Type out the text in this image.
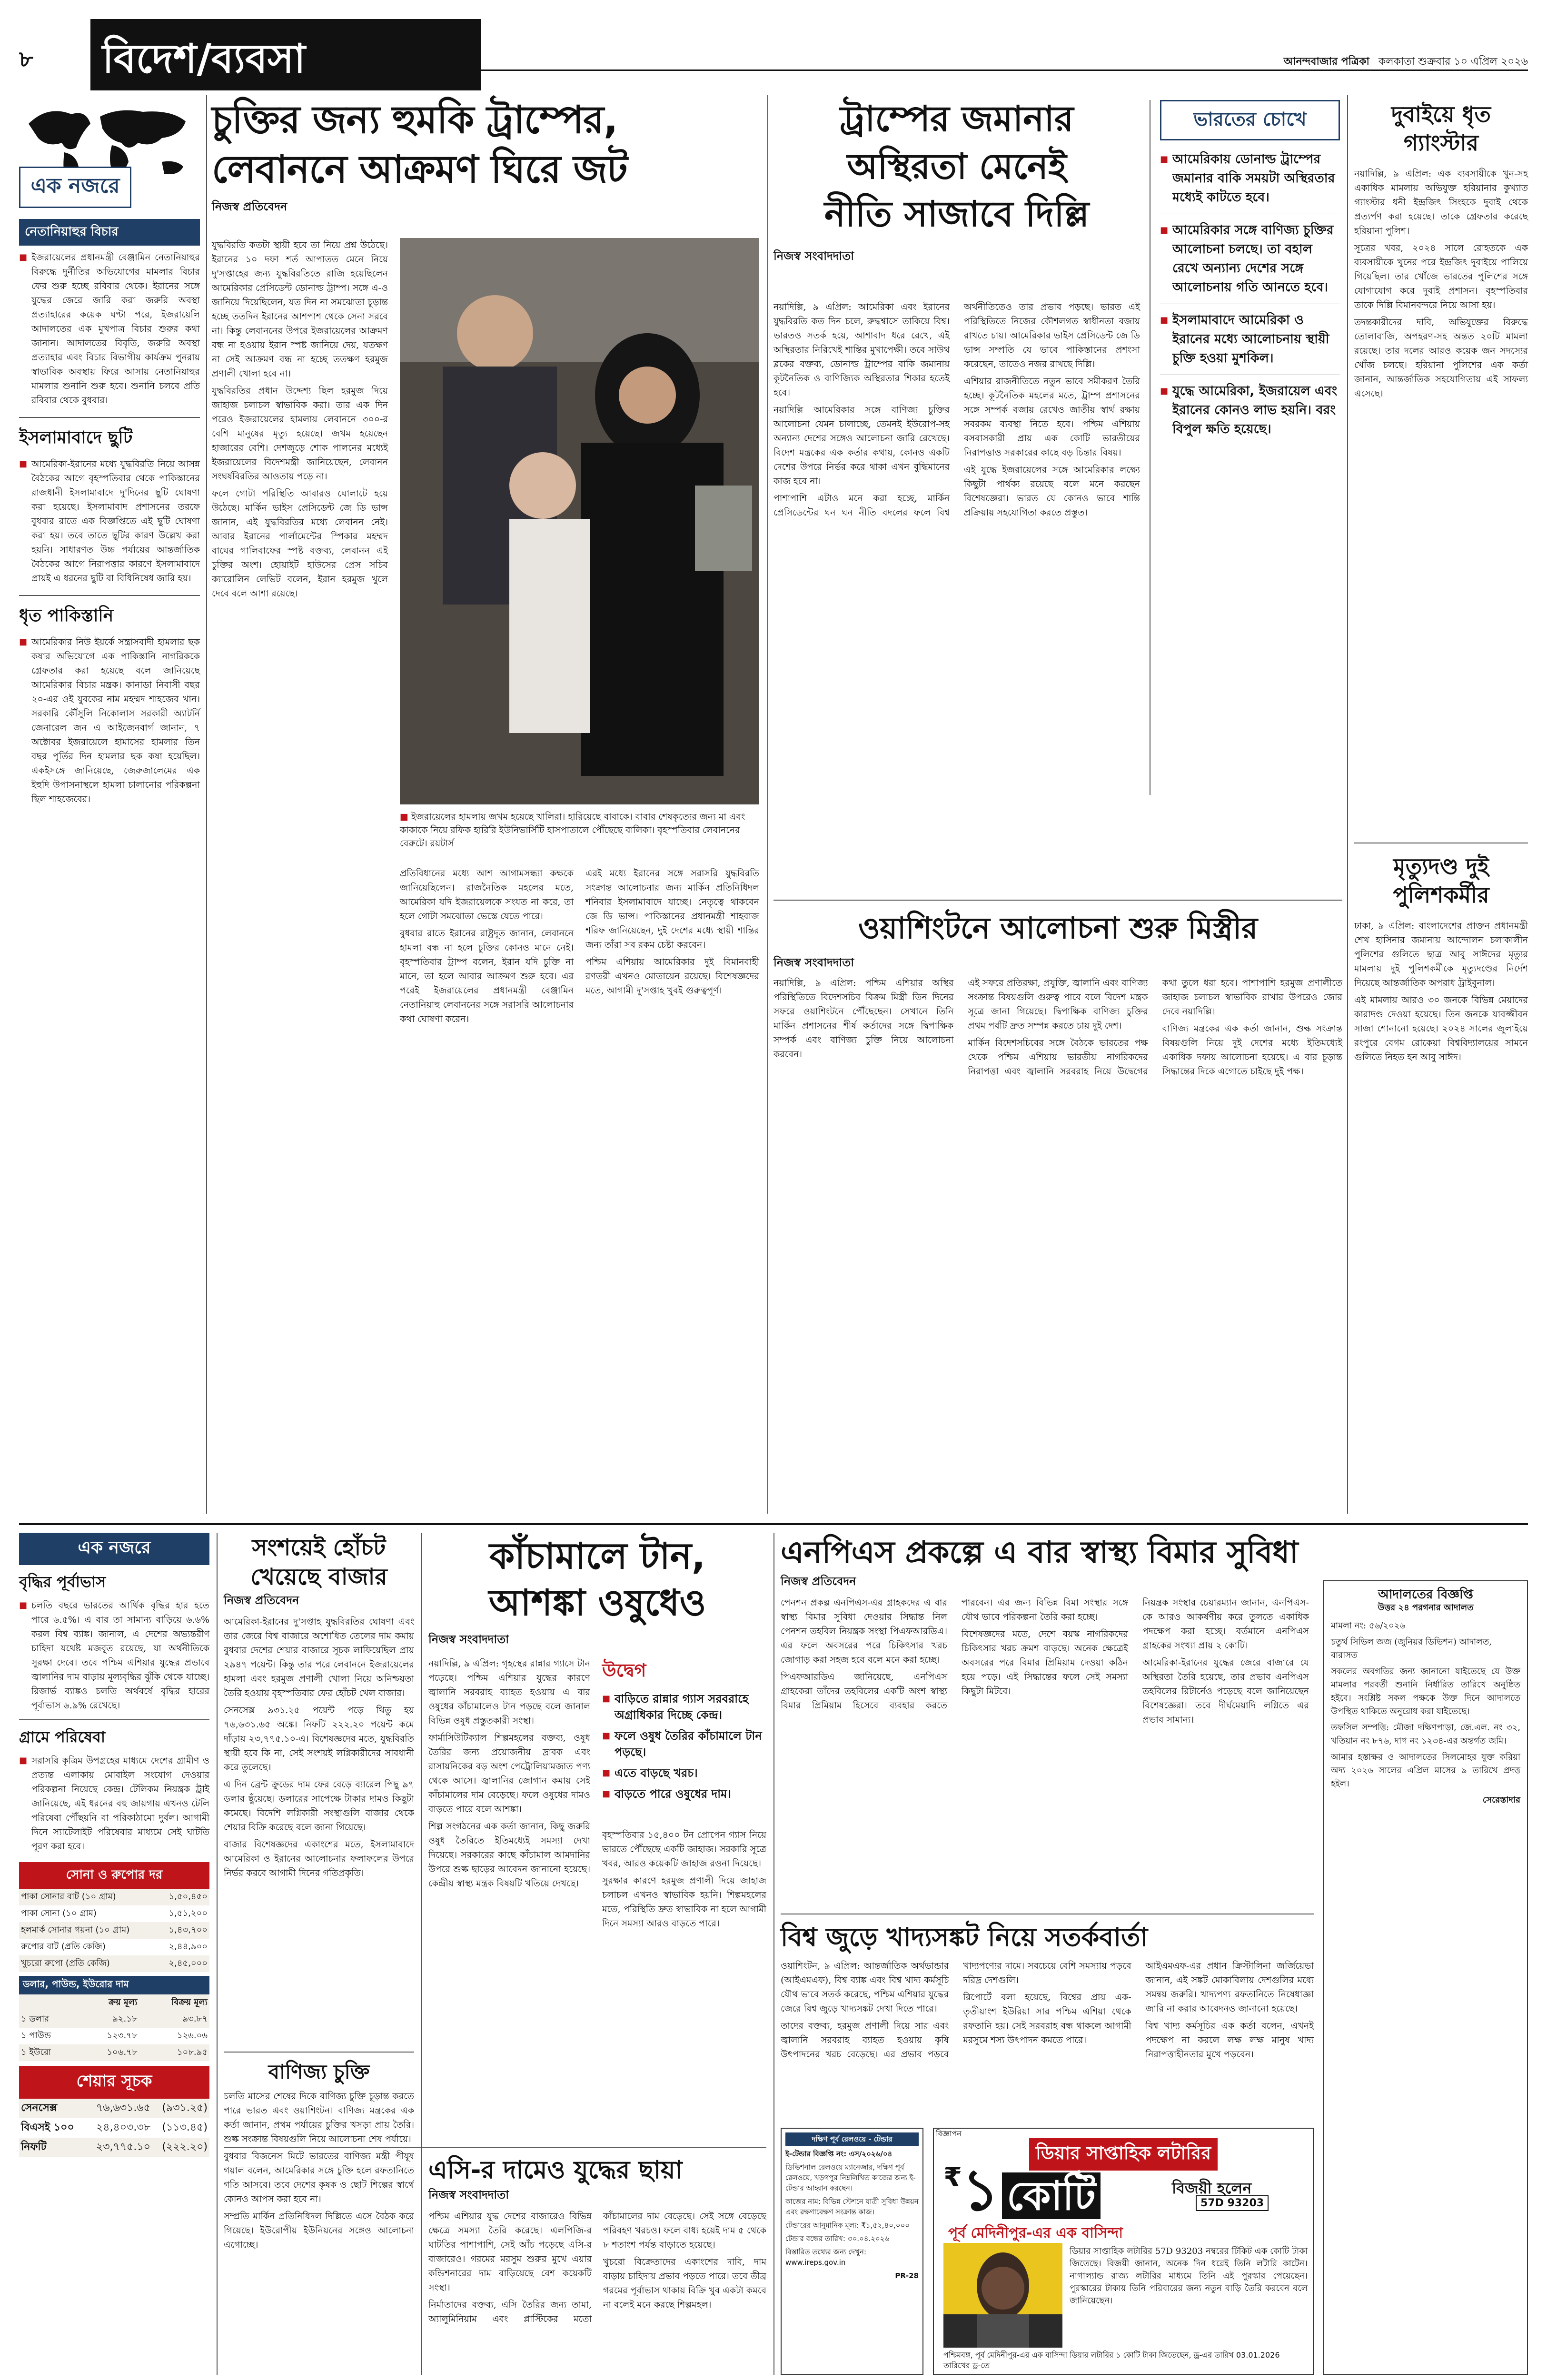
৮ বিদেশ/ব্যবসা	আনন্দবাজার পত্রিকা কলকাতা শুক্রবার ১০ এপ্রিল ২০২৬
এক নজরে
নেতানিয়াহুর বিচার
■ ইজরায়েলের প্রধানমন্ত্রী বেঞ্জামিন নেতানিয়াহুর বিরুদ্ধে দুর্নীতির অভিযোগের মামলার বিচার ফের শুরু হচ্ছে রবিবার থেকে। ইরানের সঙ্গে যুদ্ধের জেরে জারি করা জরুরি অবস্থা প্রত্যাহারের কয়েক ঘণ্টা পরে, ইজরায়েলি আদালতের এক মুখপাত্র বিচার শুরুর কথা জানান। আদালতের বিবৃতি, জরুরি অবস্থা প্রত্যাহার এবং বিচার বিভাগীয় কার্যক্রম পুনরায় স্বাভাবিক অবস্থায় ফিরে আসায় নেতানিয়াহুর মামলার শুনানি শুরু হবে। শুনানি চলবে প্রতি রবিবার থেকে বুধবার।
ইসলামাবাদে ছুটি
■ আমেরিকা-ইরানের মধ্যে যুদ্ধবিরতি নিয়ে আসন্ন বৈঠকের আগে বৃহস্পতিবার থেকে পাকিস্তানের রাজধানী ইসলামাবাদে দু'দিনের ছুটি ঘোষণা করা হয়েছে। ইসলামাবাদ প্রশাসনের তরফে বুধবার রাতে এক বিজ্ঞপ্তিতে এই ছুটি ঘোষণা করা হয়। তবে তাতে ছুটির কারণ উল্লেখ করা হয়নি। সাধারণত উচ্চ পর্যায়ের আন্তর্জাতিক বৈঠকের আগে নিরাপত্তার কারণে ইসলামাবাদে প্রায়ই এ ধরনের ছুটি বা বিধিনিষেধ জারি হয়।
ধৃত পাকিস্তানি
■ আমেরিকার নিউ ইয়র্কে সন্ত্রাসবাদী হামলার ছক কষার অভিযোগে এক পাকিস্তানি নাগরিককে গ্রেফতার করা হয়েছে বলে জানিয়েছে আমেরিকার বিচার মন্ত্রক। কানাডা নিবাসী বছর ২০-এর ওই যুবকের নাম মহম্মদ শাহজেব খান। সরকারি কৌঁসুলি নিকোলাস সরকারী অ্যাটর্নি জেনারেল জন এ আইজেনবার্গ জানান, ৭ অক্টোবর ইজরায়েলে হামাসের হামলার তিন বছর পূর্তির দিন হামলার ছক কষা হয়েছিল। একইসঙ্গে জানিয়েছে, জেরুজালেমের এক ইহুদি উপাসনাস্থলে হামলা চালানোর পরিকল্পনা ছিল শাহজেবের।
চুক্তির জন্য হুমকি ট্রাম্পের,
লেবাননে আক্রমণ ঘিরে জট
নিজস্ব প্রতিবেদন

যুদ্ধবিরতি কতটা স্থায়ী হবে তা নিয়ে প্রশ্ন উঠেছে। ইরানের ১০ দফা শর্ত আপাতত মেনে নিয়ে দু'সপ্তাহের জন্য যুদ্ধবিরতিতে রাজি হয়েছিলেন আমেরিকার প্রেসিডেন্ট ডোনাল্ড ট্রাম্প। সঙ্গে এ-ও জানিয়ে দিয়েছিলেন, যত দিন না সমঝোতা চূড়ান্ত হচ্ছে ততদিন ইরানের আশপাশ থেকে সেনা সরবে না। কিন্তু লেবাননের উপরে ইজরায়েলের আক্রমণ বন্ধ না হওয়ায় ইরান স্পষ্ট জানিয়ে দেয়, যতক্ষণ না সেই আক্রমণ বন্ধ না হচ্ছে ততক্ষণ হরমুজ প্রণালী খোলা হবে না।

যুদ্ধবিরতির প্রধান উদ্দেশ্য ছিল হরমুজ দিয়ে জাহাজ চলাচল স্বাভাবিক করা। তার এক দিন পরেও ইজরায়েলের হামলায় লেবাননে ৩০০-র বেশি মানুষের মৃত্যু হয়েছে। জখম হয়েছেন হাজারের বেশি। দেশজুড়ে শোক পালনের মধ্যেই ইজরায়েলের বিদেশমন্ত্রী জানিয়েছেন, লেবানন সংঘর্ষবিরতির আওতায় পড়ে না।

ফলে গোটা পরিস্থিতি আবারও ঘোলাটে হয়ে উঠেছে। মার্কিন ভাইস প্রেসিডেন্ট জে ডি ভান্স জানান, এই যুদ্ধবিরতির মধ্যে লেবানন নেই। আবার ইরানের পার্লামেন্টের স্পিকার মহম্মদ বাঘের গালিবাফের স্পষ্ট বক্তব্য, লেবানন এই চুক্তির অংশ। হোয়াইট হাউসের প্রেস সচিব ক্যারোলিন লেভিট বলেন, ইরান হরমুজ খুলে দেবে বলে আশা রয়েছে।

■ ইজরায়েলের হামলায় জখম হয়েছে খালিরা। হারিয়েছে বাবাকে। বাবার শেষকৃত্যের জন্য মা এবং কাকাকে নিয়ে রফিক হারিরি ইউনিভার্সিটি হাসপাতালে পৌঁছেছে বালিকা। বৃহস্পতিবার লেবাননের বেরুটে। রয়টার্স

প্রতিবিধানের মধ্যে আশ আগামসন্ধ্যা কক্ষকে জানিয়েছিলেন। রাজনৈতিক মহলের মতে, আমেরিকা যদি ইজরায়েলকে সংযত না করে, তা হলে গোটা সমঝোতা ভেস্তে যেতে পারে।

বুধবার রাতে ইরানের রাষ্ট্রদূত জানান, লেবাননে হামলা বন্ধ না হলে চুক্তির কোনও মানে নেই। বৃহস্পতিবার ট্রাম্প বলেন, ইরান যদি চুক্তি না মানে, তা হলে আবার আক্রমণ শুরু হবে। এর পরেই ইজরায়েলের প্রধানমন্ত্রী বেঞ্জামিন নেতানিয়াহু লেবাননের সঙ্গে সরাসরি আলোচনার কথা ঘোষণা করেন।

এরই মধ্যে ইরানের সঙ্গে সরাসরি যুদ্ধবিরতি সংক্রান্ত আলোচনার জন্য মার্কিন প্রতিনিধিদল শনিবার ইসলামাবাদে যাচ্ছে। নেতৃত্বে থাকবেন জে ডি ভান্স। পাকিস্তানের প্রধানমন্ত্রী শাহবাজ শরিফ জানিয়েছেন, দুই দেশের মধ্যে স্থায়ী শান্তির জন্য তাঁরা সব রকম চেষ্টা করবেন।

পশ্চিম এশিয়ায় আমেরিকার দুই বিমানবাহী রণতরী এখনও মোতায়েন রয়েছে। বিশেষজ্ঞদের মতে, আগামী দু'সপ্তাহ খুবই গুরুত্বপূর্ণ।

ট্রাম্পের জমানার
অস্থিরতা মেনেই
নীতি সাজাবে দিল্লি
নিজস্ব সংবাদদাতা

নয়াদিল্লি, ৯ এপ্রিল: আমেরিকা এবং ইরানের যুদ্ধবিরতি কত দিন চলে, রুদ্ধশ্বাসে তাকিয়ে বিশ্ব। ভারতও সতর্ক হয়ে, আশাবাদ ধরে রেখে, এই অস্থিরতার নিরিখেই শান্তির মুখাপেক্ষী। তবে সাউথ ব্লকের বক্তব্য, ডোনাল্ড ট্রাম্পের বাকি জমানায় কূটনৈতিক ও বাণিজ্যিক অস্থিরতার শিকার হতেই হবে।

নয়াদিল্লি আমেরিকার সঙ্গে বাণিজ্য চুক্তির আলোচনা যেমন চালাচ্ছে, তেমনই ইউরোপ-সহ অন্যান্য দেশের সঙ্গেও আলোচনা জারি রেখেছে। বিদেশ মন্ত্রকের এক কর্তার কথায়, কোনও একটি দেশের উপরে নির্ভর করে থাকা এখন বুদ্ধিমানের কাজ হবে না।

পাশাপাশি এটাও মনে করা হচ্ছে, মার্কিন প্রেসিডেন্টের ঘন ঘন নীতি বদলের ফলে বিশ্ব অর্থনীতিতেও তার প্রভাব পড়ছে। ভারত এই পরিস্থিতিতে নিজের কৌশলগত স্বাধীনতা বজায় রাখতে চায়। আমেরিকার ভাইস প্রেসিডেন্ট জে ডি ভান্স সম্প্রতি যে ভাবে পাকিস্তানের প্রশংসা করেছেন, তাতেও নজর রাখছে দিল্লি।

এশিয়ার রাজনীতিতে নতুন ভাবে সমীকরণ তৈরি হচ্ছে। কূটনৈতিক মহলের মতে, ট্রাম্প প্রশাসনের সঙ্গে সম্পর্ক বজায় রেখেও জাতীয় স্বার্থ রক্ষায় সবরকম ব্যবস্থা নিতে হবে। পশ্চিম এশিয়ায় বসবাসকারী প্রায় এক কোটি ভারতীয়ের নিরাপত্তাও সরকারের কাছে বড় চিন্তার বিষয়।

এই যুদ্ধে ইজরায়েলের সঙ্গে আমেরিকার লক্ষ্যে কিছুটা পার্থক্য রয়েছে বলে মনে করছেন বিশেষজ্ঞেরা। ভারত যে কোনও ভাবে শান্তি প্রক্রিয়ায় সহযোগিতা করতে প্রস্তুত।

ভারতের চোখে
■ আমেরিকায় ডোনাল্ড ট্রাম্পের জমানার বাকি সময়টা অস্থিরতার মধ্যেই কাটতে হবে।
■ আমেরিকার সঙ্গে বাণিজ্য চুক্তির আলোচনা চলছে। তা বহাল রেখে অন্যান্য দেশের সঙ্গে আলোচনায় গতি আনতে হবে।
■ ইসলামাবাদে আমেরিকা ও ইরানের মধ্যে আলোচনায় স্থায়ী চুক্তি হওয়া মুশকিল।
■ যুদ্ধে আমেরিকা, ইজরায়েল এবং ইরানের কোনও লাভ হয়নি। বরং বিপুল ক্ষতি হয়েছে।
দুবাইয়ে ধৃত
গ্যাংস্টার

নয়াদিল্লি, ৯ এপ্রিল: এক ব্যবসায়ীকে খুন-সহ একাধিক মামলায় অভিযুক্ত হরিয়ানার কুখ্যাত গ্যাংস্টার ধনী ইন্দ্রজিৎ সিংহকে দুবাই থেকে প্রত্যর্পণ করা হয়েছে। তাকে গ্রেফতার করেছে হরিয়ানা পুলিশ।

সূত্রের খবর, ২০২৪ সালে রোহতকে এক ব্যবসায়ীকে খুনের পরে ইন্দ্রজিৎ দুবাইয়ে পালিয়ে গিয়েছিল। তার খোঁজে ভারতের পুলিশের সঙ্গে যোগাযোগ করে দুবাই প্রশাসন। বৃহস্পতিবার তাকে দিল্লি বিমানবন্দরে নিয়ে আসা হয়।

তদন্তকারীদের দাবি, অভিযুক্তের বিরুদ্ধে তোলাবাজি, অপহরণ-সহ অন্তত ২০টি মামলা রয়েছে। তার দলের আরও কয়েক জন সদস্যের খোঁজ চলছে। হরিয়ানা পুলিশের এক কর্তা জানান, আন্তর্জাতিক সহযোগিতায় এই সাফল্য এসেছে।

মৃত্যুদণ্ড দুই
পুলিশকর্মীর

ঢাকা, ৯ এপ্রিল: বাংলাদেশের প্রাক্তন প্রধানমন্ত্রী শেখ হাসিনার জমানায় আন্দোলন চলাকালীন পুলিশের গুলিতে ছাত্র আবু সাঈদের মৃত্যুর মামলায় দুই পুলিশকর্মীকে মৃত্যুদণ্ডের নির্দেশ দিয়েছে আন্তর্জাতিক অপরাধ ট্রাইবুনাল।

এই মামলায় আরও ৩০ জনকে বিভিন্ন মেয়াদের কারাদণ্ড দেওয়া হয়েছে। তিন জনকে যাবজ্জীবন সাজা শোনানো হয়েছে। ২০২৪ সালের জুলাইয়ে রংপুরে বেগম রোকেয়া বিশ্ববিদ্যালয়ের সামনে গুলিতে নিহত হন আবু সাঈদ।

ওয়াশিংটনে আলোচনা শুরু মিস্ত্রীর
নিজস্ব সংবাদদাতা

নয়াদিল্লি, ৯ এপ্রিল: পশ্চিম এশিয়ার অস্থির পরিস্থিতিতে বিদেশসচিব বিক্রম মিস্ত্রী তিন দিনের সফরে ওয়াশিংটনে পৌঁছেছেন। সেখানে তিনি মার্কিন প্রশাসনের শীর্ষ কর্তাদের সঙ্গে দ্বিপাক্ষিক সম্পর্ক এবং বাণিজ্য চুক্তি নিয়ে আলোচনা করবেন।

এই সফরে প্রতিরক্ষা, প্রযুক্তি, জ্বালানি এবং বাণিজ্য সংক্রান্ত বিষয়গুলি গুরুত্ব পাবে বলে বিদেশ মন্ত্রক সূত্রে জানা গিয়েছে। দ্বিপাক্ষিক বাণিজ্য চুক্তির প্রথম পর্বটি দ্রুত সম্পন্ন করতে চায় দুই দেশ।

মার্কিন বিদেশসচিবের সঙ্গে বৈঠকে ভারতের পক্ষ থেকে পশ্চিম এশিয়ায় ভারতীয় নাগরিকদের নিরাপত্তা এবং জ্বালানি সরবরাহ নিয়ে উদ্বেগের কথা তুলে ধরা হবে। পাশাপাশি হরমুজ প্রণালীতে জাহাজ চলাচল স্বাভাবিক রাখার উপরেও জোর দেবে নয়াদিল্লি।

বাণিজ্য মন্ত্রকের এক কর্তা জানান, শুল্ক সংক্রান্ত বিষয়গুলি নিয়ে দুই দেশের মধ্যে ইতিমধ্যেই একাধিক দফায় আলোচনা হয়েছে। এ বার চূড়ান্ত সিদ্ধান্তের দিকে এগোতে চাইছে দুই পক্ষ।

এক নজরে
বৃদ্ধির পূর্বাভাস
■ চলতি বছরে ভারতের আর্থিক বৃদ্ধির হার হতে পারে ৬.৫%। এ বার তা সামান্য বাড়িয়ে ৬.৬% করল বিশ্ব ব্যাঙ্ক। জানাল, এ দেশের অভ্যন্তরীণ চাহিদা যথেষ্ট মজবুত রয়েছে, যা অর্থনীতিকে সুরক্ষা দেবে। তবে পশ্চিম এশিয়ার যুদ্ধের প্রভাবে জ্বালানির দাম বাড়ায় মূল্যবৃদ্ধির ঝুঁকি থেকে যাচ্ছে। রিজার্ভ ব্যাঙ্কও চলতি অর্থবর্ষে বৃদ্ধির হারের পূর্বাভাস ৬.৯% রেখেছে।
গ্রামে পরিষেবা
■ সরাসরি কৃত্রিম উপগ্রহের মাধ্যমে দেশের গ্রামীণ ও প্রত্যন্ত এলাকায় মোবাইল সংযোগ দেওয়ার পরিকল্পনা নিয়েছে কেন্দ্র। টেলিকম নিয়ন্ত্রক ট্রাই জানিয়েছে, এই ধরনের বহু জায়গায় এখনও টেলি পরিষেবা পৌঁছয়নি বা পরিকাঠামো দুর্বল। আগামী দিনে স্যাটেলাইট পরিষেবার মাধ্যমে সেই ঘাটতি পূরণ করা হবে।
সোনা ও রুপোর দর
পাকা সোনার বাট (১০ গ্রাম)	১,৫০,৪৫০
পাকা সোনা (১০ গ্রাম)	১,৫১,২০০
হলমার্ক সোনার গয়না (১০ গ্রাম)	১,৪৩,৭০০
রুপোর বাট (প্রতি কেজি)	২,৪৪,৯০০
খুচরো রুপো (প্রতি কেজি)	২,৪৫,০০০
ডলার, পাউন্ড, ইউরোর দাম
	ক্রয় মূল্য	বিক্রয় মূল্য
১ ডলার	৯২.১৮	৯৩.৮৭
১ পাউন্ড	১২৩.৭৮	১২৬.০৬
১ ইউরো	১০৬.৭৮	১০৮.৯৫
শেয়ার সূচক
সেনসেক্স	৭৬,৬৩১.৬৫	(৯৩১.২৫)
বিএসই ১০০	২৪,৪০৩.৩৮	(১১৩.৪৫)
নিফটি	২৩,৭৭৫.১০	(২২২.২০)
সংশয়েই হোঁচট
খেয়েছে বাজার
নিজস্ব প্রতিবেদন

আমেরিকা-ইরানের দু'সপ্তাহ যুদ্ধবিরতির ঘোষণা এবং তার জেরে বিশ্ব বাজারে অশোধিত তেলের দাম কমায় বুধবার দেশের শেয়ার বাজারে সূচক লাফিয়েছিল প্রায় ২৯৪৭ পয়েন্ট। কিন্তু তার পরে লেবাননে ইজরায়েলের হামলা এবং হরমুজ প্রণালী খোলা নিয়ে অনিশ্চয়তা তৈরি হওয়ায় বৃহস্পতিবার ফের হোঁচট খেল বাজার।

সেনসেক্স ৯৩১.২৫ পয়েন্ট পড়ে থিতু হয় ৭৬,৬৩১.৬৫ অঙ্কে। নিফটি ২২২.২০ পয়েন্ট কমে দাঁড়ায় ২৩,৭৭৫.১০-এ। বিশেষজ্ঞদের মতে, যুদ্ধবিরতি স্থায়ী হবে কি না, সেই সংশয়ই লগ্নিকারীদের সাবধানী করে তুলেছে।

এ দিন ব্রেন্ট ক্রুডের দাম ফের বেড়ে ব্যারেল পিছু ৯৭ ডলার ছুঁয়েছে। ডলারের সাপেক্ষে টাকার দামও কিছুটা কমেছে। বিদেশি লগ্নিকারী সংস্থাগুলি বাজার থেকে শেয়ার বিক্রি করেছে বলে জানা গিয়েছে।

বাজার বিশেষজ্ঞদের একাংশের মতে, ইসলামাবাদে আমেরিকা ও ইরানের আলোচনার ফলাফলের উপরে নির্ভর করবে আগামী দিনের গতিপ্রকৃতি।

বাণিজ্য চুক্তি

চলতি মাসের শেষের দিকে বাণিজ্য চুক্তি চূড়ান্ত করতে পারে ভারত এবং ওয়াশিংটন। বাণিজ্য মন্ত্রকের এক কর্তা জানান, প্রথম পর্যায়ের চুক্তির খসড়া প্রায় তৈরি। শুল্ক সংক্রান্ত বিষয়গুলি নিয়ে আলোচনা শেষ পর্যায়ে।

বুধবার বিজনেস মিটে ভারতের বাণিজ্য মন্ত্রী পীযূষ গয়াল বলেন, আমেরিকার সঙ্গে চুক্তি হলে রফতানিতে গতি আসবে। তবে দেশের কৃষক ও ছোট শিল্পের স্বার্থে কোনও আপস করা হবে না।

সম্প্রতি মার্কিন প্রতিনিধিদল দিল্লিতে এসে বৈঠক করে গিয়েছে। ইউরোপীয় ইউনিয়নের সঙ্গেও আলোচনা এগোচ্ছে।

কাঁচামালে টান,
আশঙ্কা ওষুধেও
নিজস্ব সংবাদদাতা

নয়াদিল্লি, ৯ এপ্রিল: গৃহস্থের রান্নার গ্যাসে টান পড়েছে। পশ্চিম এশিয়ার যুদ্ধের কারণে জ্বালানি সরবরাহ ব্যাহত হওয়ায় এ বার ওষুধের কাঁচামালেও টান পড়ছে বলে জানাল বিভিন্ন ওষুধ প্রস্তুতকারী সংস্থা।

ফার্মাসিউটিক্যাল শিল্পমহলের বক্তব্য, ওষুধ তৈরির জন্য প্রয়োজনীয় দ্রাবক এবং রাসায়নিকের বড় অংশ পেট্রোলিয়ামজাত পণ্য থেকে আসে। জ্বালানির জোগান কমায় সেই কাঁচামালের দাম বেড়েছে। ফলে ওষুধের দামও বাড়তে পারে বলে আশঙ্কা।

শিল্প সংগঠনের এক কর্তা জানান, কিছু জরুরি ওষুধ তৈরিতে ইতিমধ্যেই সমস্যা দেখা দিয়েছে। সরকারের কাছে কাঁচামাল আমদানির উপরে শুল্ক ছাড়ের আবেদন জানানো হয়েছে। কেন্দ্রীয় স্বাস্থ্য মন্ত্রক বিষয়টি খতিয়ে দেখছে।

উদ্বেগ
■ বাড়িতে রান্নার গ্যাস সরবরাহে অগ্রাধিকার দিচ্ছে কেন্দ্র।
■ ফলে ওষুধ তৈরির কাঁচামালে টান পড়ছে।
■ এতে বাড়ছে খরচ।
■ বাড়তে পারে ওষুধের দাম।

বৃহস্পতিবার ১৫,৪০০ টন প্রোপেন গ্যাস নিয়ে ভারতে পৌঁছেছে একটি জাহাজ। সরকারি সূত্রে খবর, আরও কয়েকটি জাহাজ রওনা দিয়েছে।

সুরক্ষার কারণে হরমুজ প্রণালী দিয়ে জাহাজ চলাচল এখনও স্বাভাবিক হয়নি। শিল্পমহলের মতে, পরিস্থিতি দ্রুত স্বাভাবিক না হলে আগামী দিনে সমস্যা আরও বাড়তে পারে।

এসি-র দামেও যুদ্ধের ছায়া
নিজস্ব সংবাদদাতা

পশ্চিম এশিয়ার যুদ্ধ দেশের বাজারেও বিভিন্ন ক্ষেত্রে সমস্যা তৈরি করেছে। এলপিজি-র ঘাটতির পাশাপাশি, সেই আঁচ পড়েছে এসি-র বাজারেও। গরমের মরসুম শুরুর মুখে এয়ার কন্ডিশনারের দাম বাড়িয়েছে বেশ কয়েকটি সংস্থা।

নির্মাতাদের বক্তব্য, এসি তৈরির জন্য তামা, অ্যালুমিনিয়াম এবং প্লাস্টিকের মতো কাঁচামালের দাম বেড়েছে। সেই সঙ্গে বেড়েছে পরিবহণ খরচও। ফলে বাধ্য হয়েই দাম ৫ থেকে ৮ শতাংশ পর্যন্ত বাড়াতে হয়েছে।

খুচরো বিক্রেতাদের একাংশের দাবি, দাম বাড়ায় চাহিদায় প্রভাব পড়তে পারে। তবে তীব্র গরমের পূর্বাভাস থাকায় বিক্রি খুব একটা কমবে না বলেই মনে করছে শিল্পমহল।

এনপিএস প্রকল্পে এ বার স্বাস্থ্য বিমার সুবিধা
নিজস্ব প্রতিবেদন

পেনশন প্রকল্প এনপিএস-এর গ্রাহকদের এ বার স্বাস্থ্য বিমার সুবিধা দেওয়ার সিদ্ধান্ত নিল পেনশন তহবিল নিয়ন্ত্রক সংস্থা পিএফআরডিএ। এর ফলে অবসরের পরে চিকিৎসার খরচ জোগাড় করা সহজ হবে বলে মনে করা হচ্ছে।

পিএফআরডিএ জানিয়েছে, এনপিএস গ্রাহকেরা তাঁদের তহবিলের একটি অংশ স্বাস্থ্য বিমার প্রিমিয়াম হিসেবে ব্যবহার করতে পারবেন। এর জন্য বিভিন্ন বিমা সংস্থার সঙ্গে যৌথ ভাবে পরিকল্পনা তৈরি করা হচ্ছে।

বিশেষজ্ঞদের মতে, দেশে বয়স্ক নাগরিকদের চিকিৎসার খরচ ক্রমশ বাড়ছে। অনেক ক্ষেত্রেই অবসরের পরে বিমার প্রিমিয়াম দেওয়া কঠিন হয়ে পড়ে। এই সিদ্ধান্তের ফলে সেই সমস্যা কিছুটা মিটবে।

নিয়ন্ত্রক সংস্থার চেয়ারম্যান জানান, এনপিএস-কে আরও আকর্ষণীয় করে তুলতে একাধিক পদক্ষেপ করা হচ্ছে। বর্তমানে এনপিএস গ্রাহকের সংখ্যা প্রায় ২ কোটি।

আমেরিকা-ইরানের যুদ্ধের জেরে বাজারে যে অস্থিরতা তৈরি হয়েছে, তার প্রভাব এনপিএস তহবিলের রিটার্নেও পড়েছে বলে জানিয়েছেন বিশেষজ্ঞেরা। তবে দীর্ঘমেয়াদি লগ্নিতে এর প্রভাব সামান্য।

আদালতের বিজ্ঞপ্তি
উত্তর ২৪ পরগনার আদালত

মামলা নং: ৫৬/২০২৬

চতুর্থ সিভিল জজ (জুনিয়র ডিভিশন) আদালত, বারাসত

সকলের অবগতির জন্য জানানো যাইতেছে যে উক্ত মামলার পরবর্তী শুনানি নির্ধারিত তারিখে অনুষ্ঠিত হইবে। সংশ্লিষ্ট সকল পক্ষকে উক্ত দিনে আদালতে উপস্থিত থাকিতে অনুরোধ করা যাইতেছে।

তফসিল সম্পত্তি: মৌজা দক্ষিণপাড়া, জে.এল. নং ৩২, খতিয়ান নং ৮৭৬, দাগ নং ১২৩৪-এর অন্তর্গত জমি।

আমার হস্তাক্ষর ও আদালতের সিলমোহর যুক্ত করিয়া অদ্য ২০২৬ সালের এপ্রিল মাসের ৯ তারিখে প্রদত্ত হইল।

সেরেস্তাদার

বিশ্ব জুড়ে খাদ্যসঙ্কট নিয়ে সতর্কবার্তা

ওয়াশিংটন, ৯ এপ্রিল: আন্তর্জাতিক অর্থভান্ডার (আইএমএফ), বিশ্ব ব্যাঙ্ক এবং বিশ্ব খাদ্য কর্মসূচি যৌথ ভাবে সতর্ক করেছে, পশ্চিম এশিয়ার যুদ্ধের জেরে বিশ্ব জুড়ে খাদ্যসঙ্কট দেখা দিতে পারে।

তাদের বক্তব্য, হরমুজ প্রণালী দিয়ে সার এবং জ্বালানি সরবরাহ ব্যাহত হওয়ায় কৃষি উৎপাদনের খরচ বেড়েছে। এর প্রভাব পড়বে খাদ্যপণ্যের দামে। সবচেয়ে বেশি সমস্যায় পড়বে দরিদ্র দেশগুলি।

রিপোর্টে বলা হয়েছে, বিশ্বের প্রায় এক-তৃতীয়াংশ ইউরিয়া সার পশ্চিম এশিয়া থেকে রফতানি হয়। সেই সরবরাহ বন্ধ থাকলে আগামী মরসুমে শস্য উৎপাদন কমতে পারে।

আইএমএফ-এর প্রধান ক্রিস্টালিনা জর্জিয়েভা জানান, এই সঙ্কট মোকাবিলায় দেশগুলির মধ্যে সমন্বয় জরুরি। খাদ্যপণ্য রফতানিতে নিষেধাজ্ঞা জারি না করার আবেদনও জানানো হয়েছে।

বিশ্ব খাদ্য কর্মসূচির এক কর্তা বলেন, এখনই পদক্ষেপ না করলে লক্ষ লক্ষ মানুষ খাদ্য নিরাপত্তাহীনতার মুখে পড়বেন।

দক্ষিণ পূর্ব রেলওয়ে - টেন্ডার

ই-টেন্ডার বিজ্ঞপ্তি নং: এস/২০২৬/০৪

ডিভিশনাল রেলওয়ে ম্যানেজার, দক্ষিণ পূর্ব রেলওয়ে, খড়গপুর নিম্নলিখিত কাজের জন্য ই-টেন্ডার আহ্বান করছেন।

কাজের নাম: বিভিন্ন স্টেশনে যাত্রী সুবিধা উন্নয়ন এবং রক্ষণাবেক্ষণ সংক্রান্ত কাজ।

টেন্ডারের আনুমানিক মূল্য: ₹১,৫২,৪০,০০০

টেন্ডার বন্ধের তারিখ: ৩০.০৪.২০২৬

বিস্তারিত তথ্যের জন্য দেখুন: www.ireps.gov.in

PR-28
বিজ্ঞাপন
ডিয়ার সাপ্তাহিক লটারির
₹১ কোটি	বিজয়ী হলেন
পূর্ব মেদিনীপুর-এর এক বাসিন্দা
ডিয়ার সাপ্তাহিক লটারির 57D 93203 নম্বরের টিকিট এক কোটি টাকা জিতেছে। বিজয়ী জানান, অনেক দিন ধরেই তিনি লটারি কাটেন। নাগাল্যান্ড রাজ্য লটারির মাধ্যমে তিনি এই পুরস্কার পেয়েছেন। পুরস্কারের টাকায় তিনি পরিবারের জন্য নতুন বাড়ি তৈরি করবেন বলে জানিয়েছেন।
পশ্চিমবঙ্গ, পূর্ব মেদিনীপুর-এর এক বাসিন্দা ডিয়ার লটারির ১ কোটি টাকা জিতেছেন, ড্র-এর তারিখ 03.01.2026 তারিখের ড্র-তে
57D 93203
